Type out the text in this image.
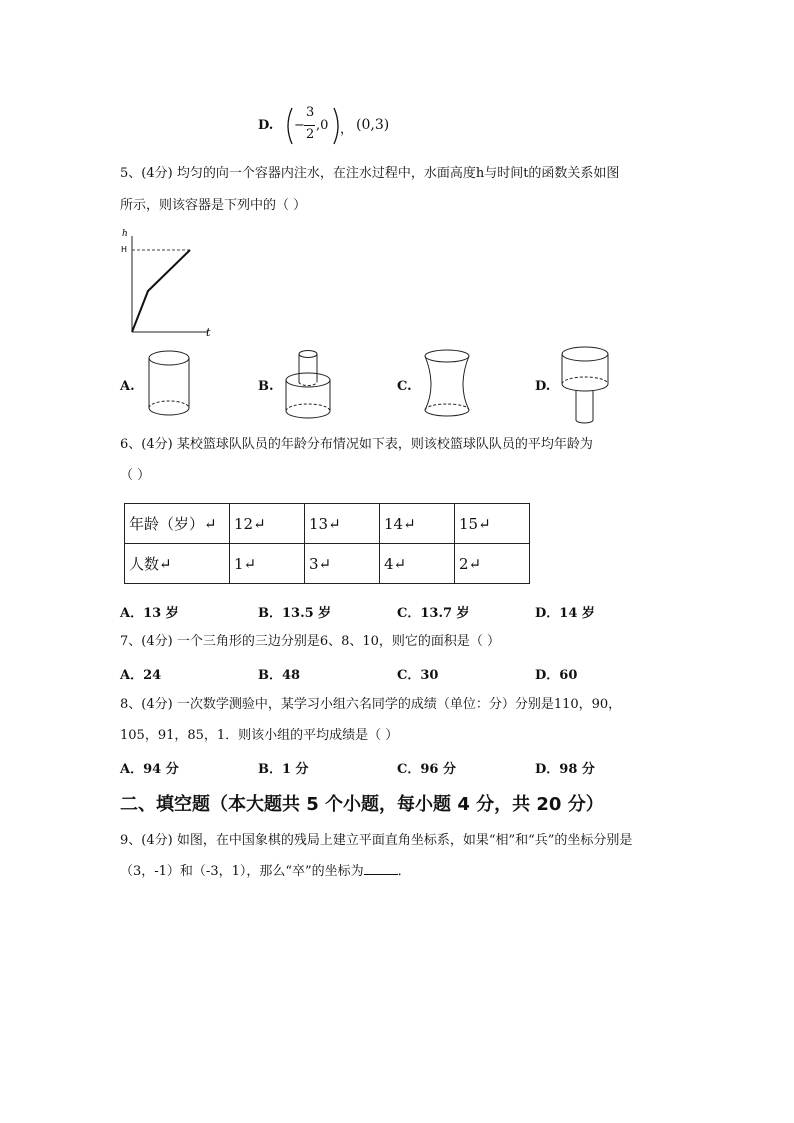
D. −
3
2
,0 ， (0,3)
5、(4分) 均匀的向一个容器内注水，在注水过程中，水面高度h与时间t的函数关系如图
所示，则该容器是下列中的（ ）
h
H
t
A.	B.	C.	D.
6、(4分) 某校篮球队队员的年龄分布情况如下表，则该校篮球队队员的平均年龄为
（ ）
年龄（岁）↵	12↵	13↵	14↵	15↵
人数↵	1↵	3↵	4↵	2↵
A．13 岁	B．13.5 岁	C．13.7 岁	D．14 岁
7、(4分) 一个三角形的三边分别是6、8、10，则它的面积是（ ）
A．24	B．48	C．30	D．60
8、(4分) 一次数学测验中，某学习小组六名同学的成绩（单位：分）分别是110，90，
105，91，85，1．则该小组的平均成绩是（ ）
A．94 分	B．1 分	C．96 分	D．98 分
二、填空题（本大题共 5 个小题，每小题 4 分，共 20 分）
9、(4分) 如图，在中国象棋的残局上建立平面直角坐标系，如果“相”和“兵”的坐标分别是
（3，-1）和（-3，1），那么“卒”的坐标为	．
